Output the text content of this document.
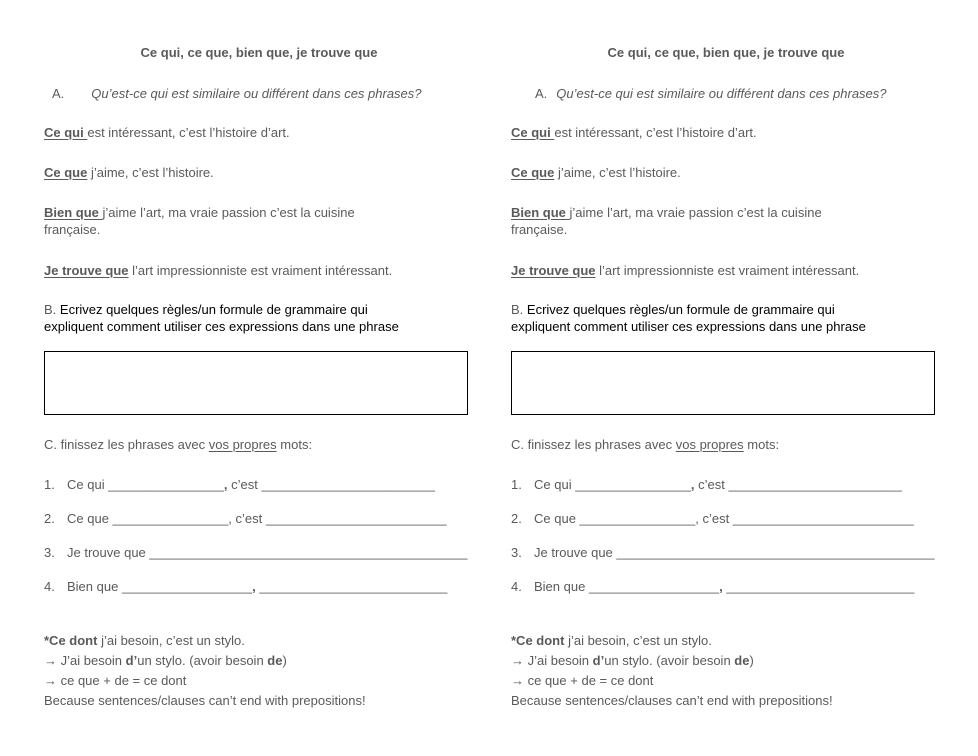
Ce qui, ce que, bien que, je trouve que
A. Qu’est-ce qui est similaire ou différent dans ces phrases?
Ce qui est intéressant, c’est l’histoire d’art.
Ce que j’aime, c’est l’histoire.
Bien que j’aime l’art, ma vraie passion c’est la cuisine
française.
Je trouve que l’art impressionniste est vraiment intéressant.
B. Ecrivez quelques règles/un formule de grammaire qui
expliquent comment utiliser ces expressions dans une phrase
C. finissez les phrases avec vos propres mots:
1. Ce qui ________________, c’est ________________________
2. Ce que ________________, c’est _________________________
3. Je trouve que ____________________________________________
4. Bien que __________________, __________________________
*Ce dont j’ai besoin, c’est un stylo.
→ J’ai besoin d’un stylo. (avoir besoin de)
→ ce que + de = ce dont
Because sentences/clauses can’t end with prepositions!
Ce qui, ce que, bien que, je trouve que
A. Qu’est-ce qui est similaire ou différent dans ces phrases?
Ce qui est intéressant, c’est l’histoire d’art.
Ce que j’aime, c’est l’histoire.
Bien que j’aime l’art, ma vraie passion c’est la cuisine
française.
Je trouve que l’art impressionniste est vraiment intéressant.
B. Ecrivez quelques règles/un formule de grammaire qui
expliquent comment utiliser ces expressions dans une phrase
C. finissez les phrases avec vos propres mots:
1. Ce qui ________________, c’est ________________________
2. Ce que ________________, c’est _________________________
3. Je trouve que ____________________________________________
4. Bien que __________________, __________________________
*Ce dont j’ai besoin, c’est un stylo.
→ J’ai besoin d’un stylo. (avoir besoin de)
→ ce que + de = ce dont
Because sentences/clauses can’t end with prepositions!
